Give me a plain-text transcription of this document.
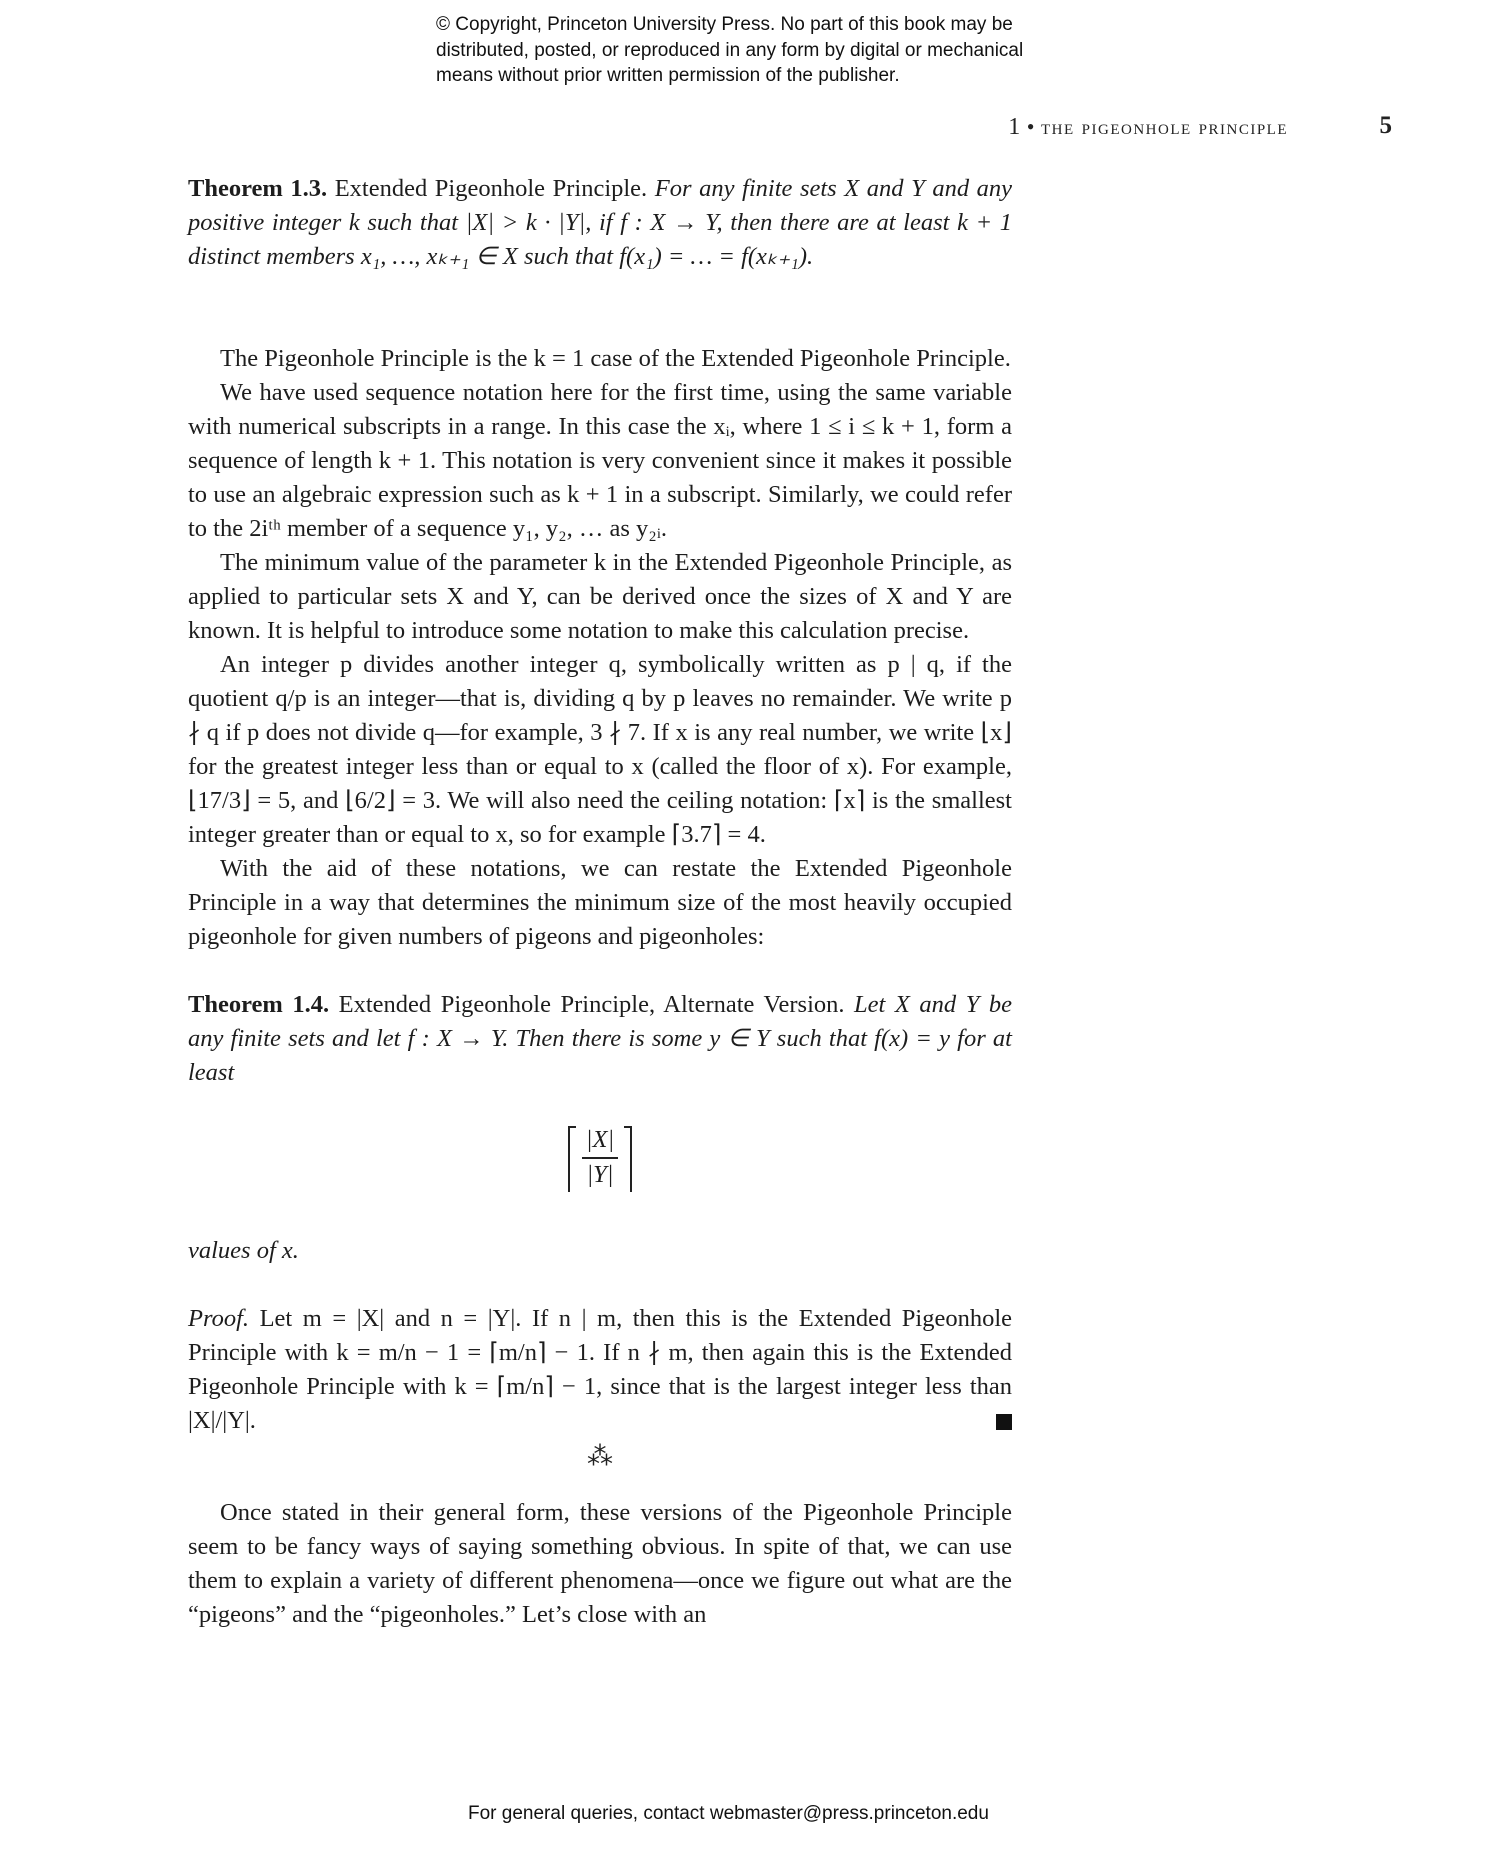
© Copyright, Princeton University Press. No part of this book may be
distributed, posted, or reproduced in any form by digital or mechanical
means without prior written permission of the publisher.
1 • the pigeonhole principle	5

Theorem 1.3. Extended Pigeonhole Principle. For any finite sets X and Y and any positive integer k such that |X| > k · |Y|, if f : X → Y, then there are at least k + 1 distinct members x₁, …, xₖ₊₁ ∈ X such that f(x₁) = … = f(xₖ₊₁).

The Pigeonhole Principle is the k = 1 case of the Extended Pigeonhole Principle.

We have used sequence notation here for the first time, using the same variable with numerical subscripts in a range. In this case the xᵢ, where 1 ≤ i ≤ k + 1, form a sequence of length k + 1. This notation is very convenient since it makes it possible to use an algebraic expression such as k + 1 in a subscript. Similarly, we could refer to the 2iᵗʰ member of a sequence y₁, y₂, … as y₂ᵢ.

The minimum value of the parameter k in the Extended Pigeonhole Principle, as applied to particular sets X and Y, can be derived once the sizes of X and Y are known. It is helpful to introduce some notation to make this calculation precise.

An integer p divides another integer q, symbolically written as p | q, if the quotient q/p is an integer—that is, dividing q by p leaves no remainder. We write p ∤ q if p does not divide q—for example, 3 ∤ 7. If x is any real number, we write ⌊x⌋ for the greatest integer less than or equal to x (called the floor of x). For example, ⌊17/3⌋ = 5, and ⌊6/2⌋ = 3. We will also need the ceiling notation: ⌈x⌉ is the smallest integer greater than or equal to x, so for example ⌈3.7⌉ = 4.

With the aid of these notations, we can restate the Extended Pigeonhole Principle in a way that determines the minimum size of the most heavily occupied pigeonhole for given numbers of pigeons and pigeonholes:

Theorem 1.4. Extended Pigeonhole Principle, Alternate Version. Let X and Y be any finite sets and let f : X → Y. Then there is some y ∈ Y such that f(x) = y for at least

$\frac{|X|}{|Y|}$

values of x.

Proof. Let m = |X| and n = |Y|. If n | m, then this is the Extended Pigeonhole Principle with k = m/n − 1 = ⌈m/n⌉ − 1. If n ∤ m, then again this is the Extended Pigeonhole Principle with k = ⌈m/n⌉ − 1, since that is the largest integer less than |X|/|Y|.

⁂

Once stated in their general form, these versions of the Pigeonhole Principle seem to be fancy ways of saying something obvious. In spite of that, we can use them to explain a variety of different phenomena—once we figure out what are the “pigeons” and the “pigeonholes.” Let’s close with an

For general queries, contact webmaster@press.princeton.edu
